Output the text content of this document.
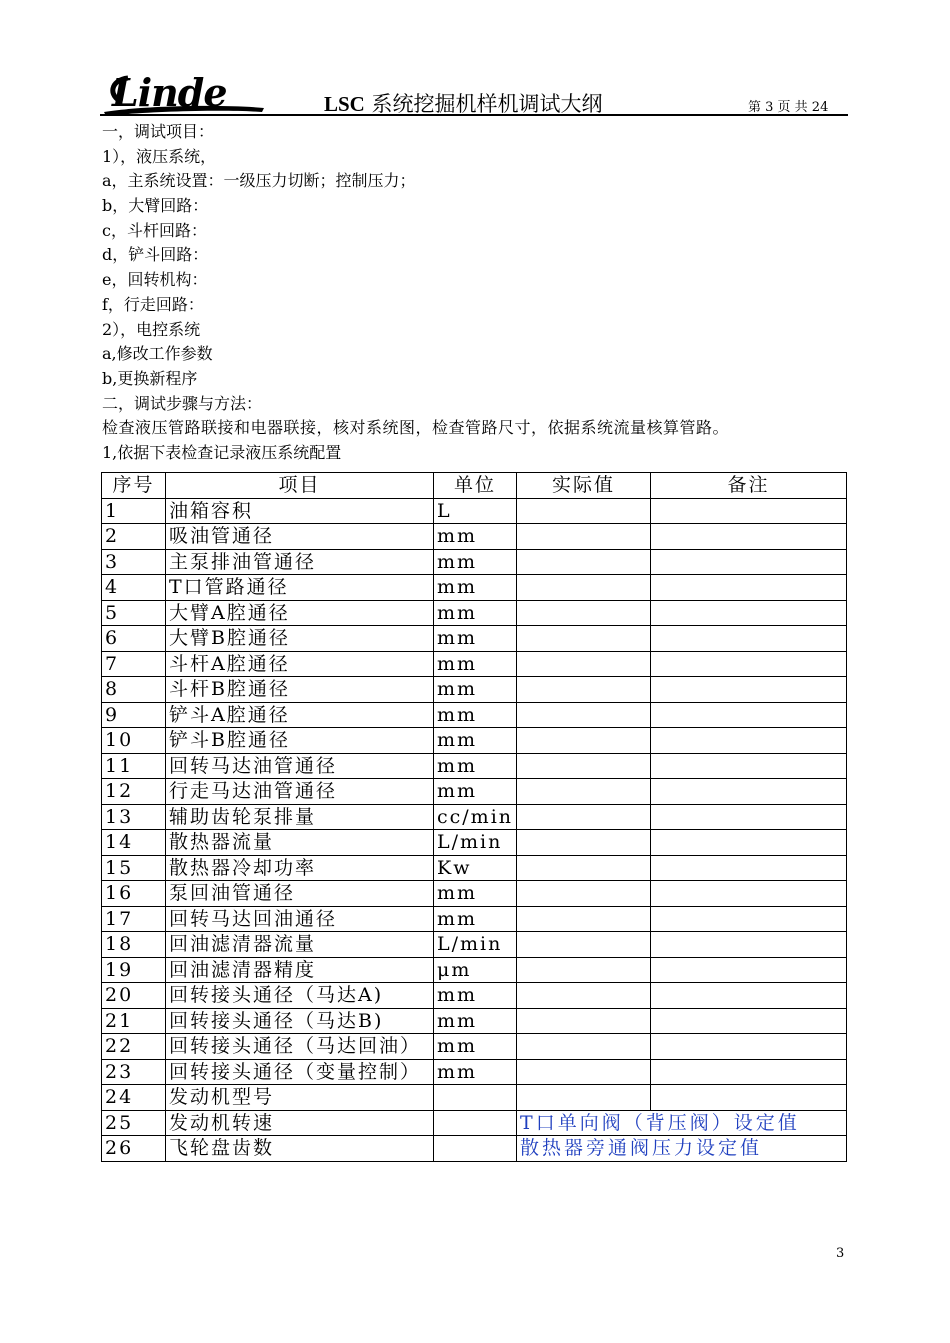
Linde	LSC 系统挖掘机样机调试大纲	第 3 页 共 24
一，调试项目：
1），液压系统，
a，主系统设置：一级压力切断；控制压力；
b，大臂回路：
c，斗杆回路：
d，铲斗回路：
e，回转机构：
f，行走回路：
2），电控系统
a,修改工作参数
b,更换新程序
二，调试步骤与方法：
检查液压管路联接和电器联接，核对系统图，检查管路尺寸，依据系统流量核算管路。
1,依据下表检查记录液压系统配置
序号	项目	单位	实际值	备注
1	油箱容积	L		
2	吸油管通径	mm		
3	主泵排油管通径	mm		
4	T口管路通径	mm		
5	大臂A腔通径	mm		
6	大臂B腔通径	mm		
7	斗杆A腔通径	mm		
8	斗杆B腔通径	mm		
9	铲斗A腔通径	mm		
10	铲斗B腔通径	mm		
11	回转马达油管通径	mm		
12	行走马达油管通径	mm		
13	辅助齿轮泵排量	cc/min		
14	散热器流量	L/min		
15	散热器冷却功率	Kw		
16	泵回油管通径	mm		
17	回转马达回油通径	mm		
18	回油滤清器流量	L/min		
19	回油滤清器精度	μm		
20	回转接头通径（马达A)	mm		
21	回转接头通径（马达B)	mm		
22	回转接头通径（马达回油）	mm		
23	回转接头通径（变量控制）	mm		
24	发动机型号			
25	发动机转速		T口单向阀（背压阀）设定值	
26	飞轮盘齿数		散热器旁通阀压力设定值	
3
